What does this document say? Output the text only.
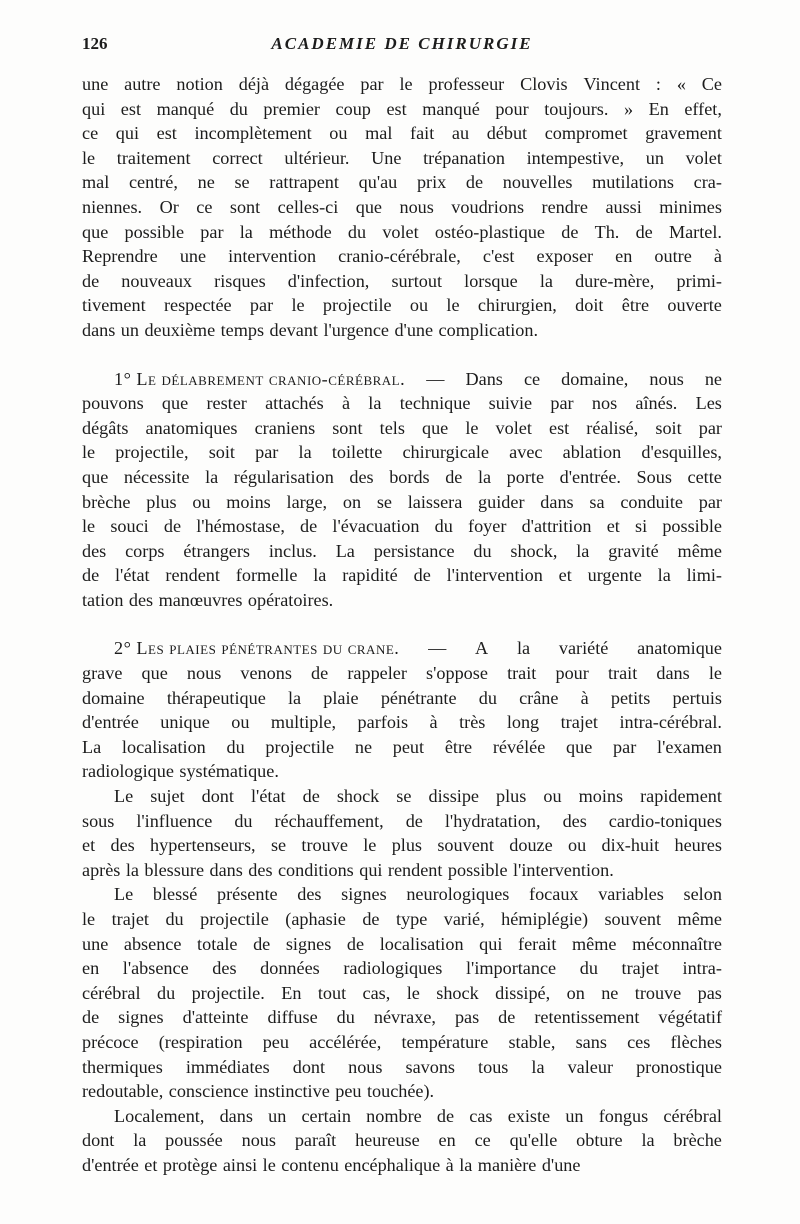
126	ACADEMIE DE CHIRURGIE
une autre notion déjà dégagée par le professeur Clovis Vincent : « Ce
qui est manqué du premier coup est manqué pour toujours. » En effet,
ce qui est incomplètement ou mal fait au début compromet gravement
le traitement correct ultérieur. Une trépanation intempestive, un volet
mal centré, ne se rattrapent qu'au prix de nouvelles mutilations cra-
niennes. Or ce sont celles-ci que nous voudrions rendre aussi minimes
que possible par la méthode du volet ostéo-plastique de Th. de Martel.
Reprendre une intervention cranio-cérébrale, c'est exposer en outre à
de nouveaux risques d'infection, surtout lorsque la dure-mère, primi-
tivement respectée par le projectile ou le chirurgien, doit être ouverte
dans un deuxième temps devant l'urgence d'une complication.
1° Le délabrement cranio-cérébral. — Dans ce domaine, nous ne
pouvons que rester attachés à la technique suivie par nos aînés. Les
dégâts anatomiques craniens sont tels que le volet est réalisé, soit par
le projectile, soit par la toilette chirurgicale avec ablation d'esquilles,
que nécessite la régularisation des bords de la porte d'entrée. Sous cette
brèche plus ou moins large, on se laissera guider dans sa conduite par
le souci de l'hémostase, de l'évacuation du foyer d'attrition et si possible
des corps étrangers inclus. La persistance du shock, la gravité même
de l'état rendent formelle la rapidité de l'intervention et urgente la limi-
tation des manœuvres opératoires.
2° Les plaies pénétrantes du crane. — A la variété anatomique
grave que nous venons de rappeler s'oppose trait pour trait dans le
domaine thérapeutique la plaie pénétrante du crâne à petits pertuis
d'entrée unique ou multiple, parfois à très long trajet intra-cérébral.
La localisation du projectile ne peut être révélée que par l'examen
radiologique systématique.
Le sujet dont l'état de shock se dissipe plus ou moins rapidement
sous l'influence du réchauffement, de l'hydratation, des cardio-toniques
et des hypertenseurs, se trouve le plus souvent douze ou dix-huit heures
après la blessure dans des conditions qui rendent possible l'intervention.
Le blessé présente des signes neurologiques focaux variables selon
le trajet du projectile (aphasie de type varié, hémiplégie) souvent même
une absence totale de signes de localisation qui ferait même méconnaître
en l'absence des données radiologiques l'importance du trajet intra-
cérébral du projectile. En tout cas, le shock dissipé, on ne trouve pas
de signes d'atteinte diffuse du névraxe, pas de retentissement végétatif
précoce (respiration peu accélérée, température stable, sans ces flèches
thermiques immédiates dont nous savons tous la valeur pronostique
redoutable, conscience instinctive peu touchée).
Localement, dans un certain nombre de cas existe un fongus cérébral
dont la poussée nous paraît heureuse en ce qu'elle obture la brèche
d'entrée et protège ainsi le contenu encéphalique à la manière d'une
